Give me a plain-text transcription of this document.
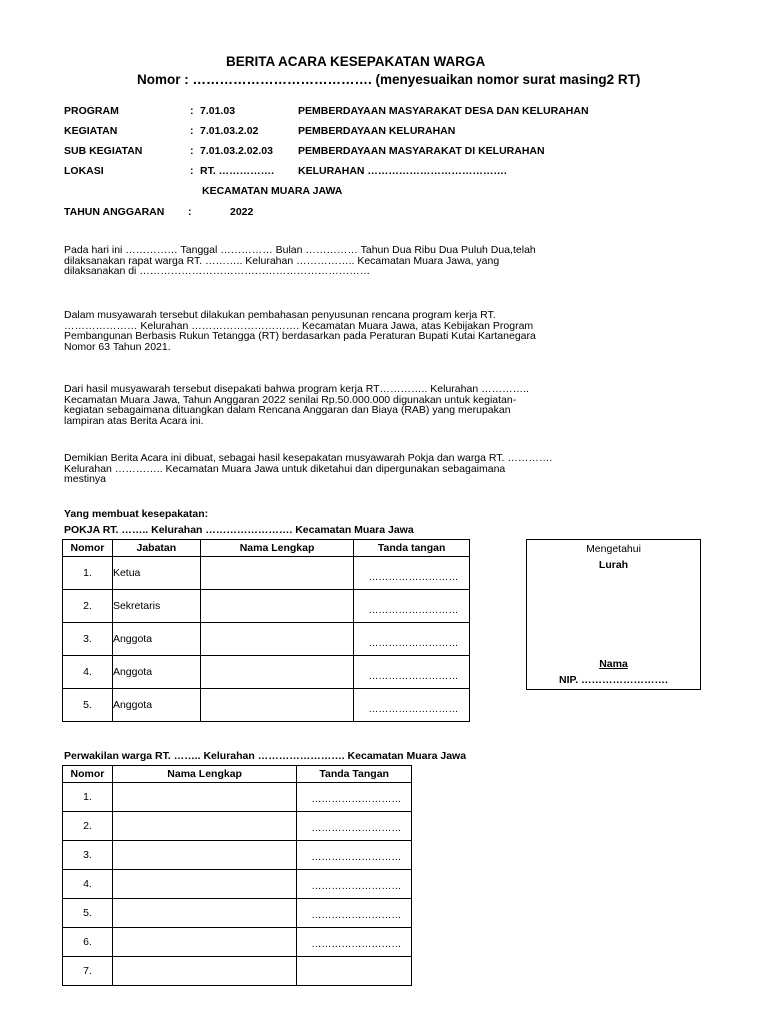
BERITA ACARA KESEPAKATAN WARGA
Nomor : …………………………………. (menyesuaikan nomor surat masing2 RT)
PROGRAM	: 7.01.03	PEMBERDAYAAN MASYARAKAT DESA DAN KELURAHAN
KEGIATAN	: 7.01.03.2.02	PEMBERDAYAAN KELURAHAN
SUB KEGIATAN	: 7.01.03.2.02.03 PEMBERDAYAAN MASYARAKAT DI KELURAHAN
LOKASI	: RT. ……………. KELURAHAN ………………………………….
KECAMATAN MUARA JAWA
TAHUN ANGGARAN :	2022
Pada hari ini …………… Tanggal …………… Bulan …………… Tahun Dua Ribu Dua Puluh Dua,telah
dilaksanakan rapat warga RT. ……….. Kelurahan …………….. Kecamatan Muara Jawa, yang
dilaksanakan di …………………………………………………………
Dalam musyawarah tersebut dilakukan pembahasan penyusunan rencana program kerja RT.
………………… Kelurahan …………………………. Kecamatan Muara Jawa, atas Kebijakan Program
Pembangunan Berbasis Rukun Tetangga (RT) berdasarkan pada Peraturan Bupati Kutai Kartanegara
Nomor 63 Tahun 2021.
Dari hasil musyawarah tersebut disepakati bahwa program kerja RT………….. Kelurahan …………..
Kecamatan Muara Jawa, Tahun Anggaran 2022 senilai Rp.50.000.000 digunakan untuk kegiatan-
kegiatan sebagaimana dituangkan dalam Rencana Anggaran dan Biaya (RAB) yang merupakan
lampiran atas Berita Acara ini.
Demikian Berita Acara ini dibuat, sebagai hasil kesepakatan musyawarah Pokja dan warga RT. ………….
Kelurahan ………….. Kecamatan Muara Jawa untuk diketahui dan dipergunakan sebagaimana
mestinya
Yang membuat kesepakatan:
POKJA RT. …….. Kelurahan ……………………. Kecamatan Muara Jawa
Nomor	Jabatan	Nama Lengkap	Tanda tangan
1.	Ketua		………………………

2.	Sekretaris		………………………

3.	Anggota		………………………

4.	Anggota		………………………

5.	Anggota		………………………
Mengetahui
Lurah
Nama
NIP. …………………….
Perwakilan warga RT. …….. Kelurahan ……………………. Kecamatan Muara Jawa
Nomor	Nama Lengkap	Tanda Tangan
1.		………………………

2.		………………………

3.		………………………

4.		………………………

5.		………………………

6.		………………………

7.		
